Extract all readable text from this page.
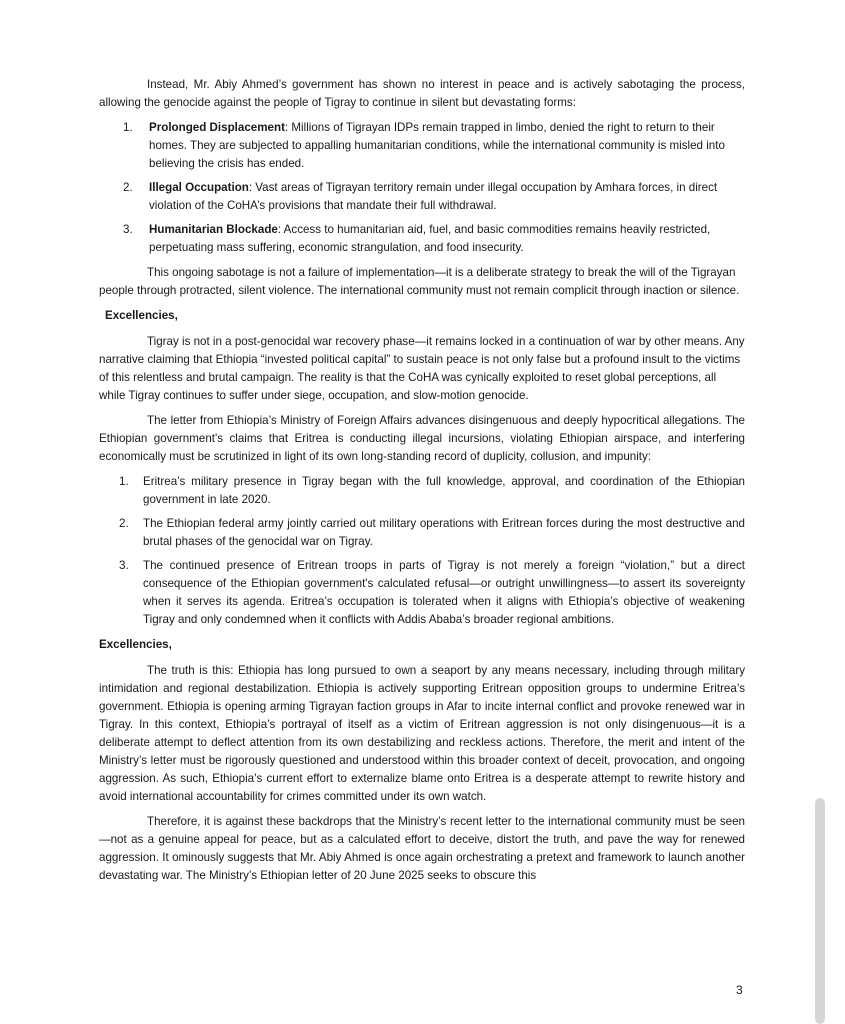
Instead, Mr. Abiy Ahmed’s government has shown no interest in peace and is actively sabotaging the process, allowing the genocide against the people of Tigray to continue in silent but devastating forms:

1. Prolonged Displacement: Millions of Tigrayan IDPs remain trapped in limbo, denied the right to return to their homes. They are subjected to appalling humanitarian conditions, while the international community is misled into believing the crisis has ended.
2. Illegal Occupation: Vast areas of Tigrayan territory remain under illegal occupation by Amhara forces, in direct violation of the CoHA’s provisions that mandate their full withdrawal.
3. Humanitarian Blockade: Access to humanitarian aid, fuel, and basic commodities remains heavily restricted, perpetuating mass suffering, economic strangulation, and food insecurity.

This ongoing sabotage is not a failure of implementation—it is a deliberate strategy to break the will of the Tigrayan people through protracted, silent violence. The international community must not remain complicit through inaction or silence.

Excellencies,

Tigray is not in a post-genocidal war recovery phase—it remains locked in a continuation of war by other means. Any narrative claiming that Ethiopia “invested political capital” to sustain peace is not only false but a profound insult to the victims of this relentless and brutal campaign. The reality is that the CoHA was cynically exploited to reset global perceptions, all while Tigray continues to suffer under siege, occupation, and slow-motion genocide.

The letter from Ethiopia’s Ministry of Foreign Affairs advances disingenuous and deeply hypocritical allegations. The Ethiopian government's claims that Eritrea is conducting illegal incursions, violating Ethiopian airspace, and interfering economically must be scrutinized in light of its own long-standing record of duplicity, collusion, and impunity:

1. Eritrea’s military presence in Tigray began with the full knowledge, approval, and coordination of the Ethiopian government in late 2020.
2. The Ethiopian federal army jointly carried out military operations with Eritrean forces during the most destructive and brutal phases of the genocidal war on Tigray.
3. The continued presence of Eritrean troops in parts of Tigray is not merely a foreign “violation,” but a direct consequence of the Ethiopian government's calculated refusal—or outright unwillingness—to assert its sovereignty when it serves its agenda. Eritrea’s occupation is tolerated when it aligns with Ethiopia’s objective of weakening Tigray and only condemned when it conflicts with Addis Ababa’s broader regional ambitions.

Excellencies,

The truth is this: Ethiopia has long pursued to own a seaport by any means necessary, including through military intimidation and regional destabilization. Ethiopia is actively supporting Eritrean opposition groups to undermine Eritrea’s government. Ethiopia is opening arming Tigrayan faction groups in Afar to incite internal conflict and provoke renewed war in Tigray. In this context, Ethiopia’s portrayal of itself as a victim of Eritrean aggression is not only disingenuous—it is a deliberate attempt to deflect attention from its own destabilizing and reckless actions. Therefore, the merit and intent of the Ministry’s letter must be rigorously questioned and understood within this broader context of deceit, provocation, and ongoing aggression. As such, Ethiopia’s current effort to externalize blame onto Eritrea is a desperate attempt to rewrite history and avoid international accountability for crimes committed under its own watch.

Therefore, it is against these backdrops that the Ministry’s recent letter to the international community must be seen—not as a genuine appeal for peace, but as a calculated effort to deceive, distort the truth, and pave the way for renewed aggression. It ominously suggests that Mr. Abiy Ahmed is once again orchestrating a pretext and framework to launch another devastating war. The Ministry’s Ethiopian letter of 20 June 2025 seeks to obscure this

3
